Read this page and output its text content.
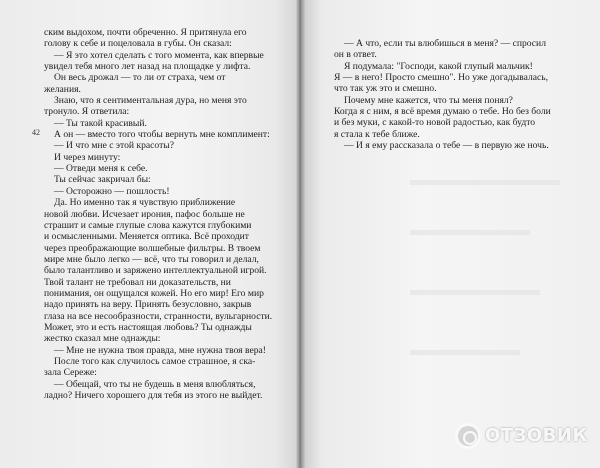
42
ским выдохом, почти обреченно. Я притянула его
голову к себе и поцеловала в губы. Он сказал:
— Я это хотел сделать с того момента, как впервые
увидел тебя много лет назад на площадке у лифта.
Он весь дрожал — то ли от страха, чем от
желания.
Знаю, что я сентиментальная дура, но меня это
тронуло. Я ответила:
— Ты такой красивый.
А он — вместо того чтобы вернуть мне комплимент:
— И что мне с этой красоты?
И через минуту:
— Отведи меня к себе.
Ты сейчас закричал бы:
— Осторожно — пошлость!
Да. Но именно так я чувствую приближение
новой любви. Исчезает ирония, пафос больше не
страшит и самые глупые слова кажутся глубокими
и осмысленными. Меняется оптика. Всё проходит
через преображающие волшебные фильтры. В твоем
мире мне было легко — всё, что ты говорил и делал,
было талантливо и заряжено интеллектуальной игрой.
Твой талант не требовал ни доказательств, ни
понимания, он ощущался кожей. Но его мир! Его мир
надо принять на веру. Принять безусловно, закрыв
глаза на все несообразности, странности, вульгарности.
Может, это и есть настоящая любовь? Ты однажды
жестко сказал мне однажды:
— Мне не нужна твоя правда, мне нужна твоя вера!
После того как случилось самое страшное, я ска-
зала Сереже:
— Обещай, что ты не будешь в меня влюбляться,
ладно? Ничего хорошего для тебя из этого не выйдет.
— А что, если ты влюбишься в меня? — спросил
он в ответ.
Я подумала: "Господи, какой глупый мальчик!
Я — в него! Просто смешно". Но уже догадывалась,
что так уж это и смешно.
Почему мне кажется, что ты меня понял?
Когда я с ним, я всё время думаю о тебе. Но без боли
и без муки, с какой-то новой радостью, как будто
я стала к тебе ближе.
— И я ему рассказала о тебе — в первую же ночь.
ОТЗОВИК
